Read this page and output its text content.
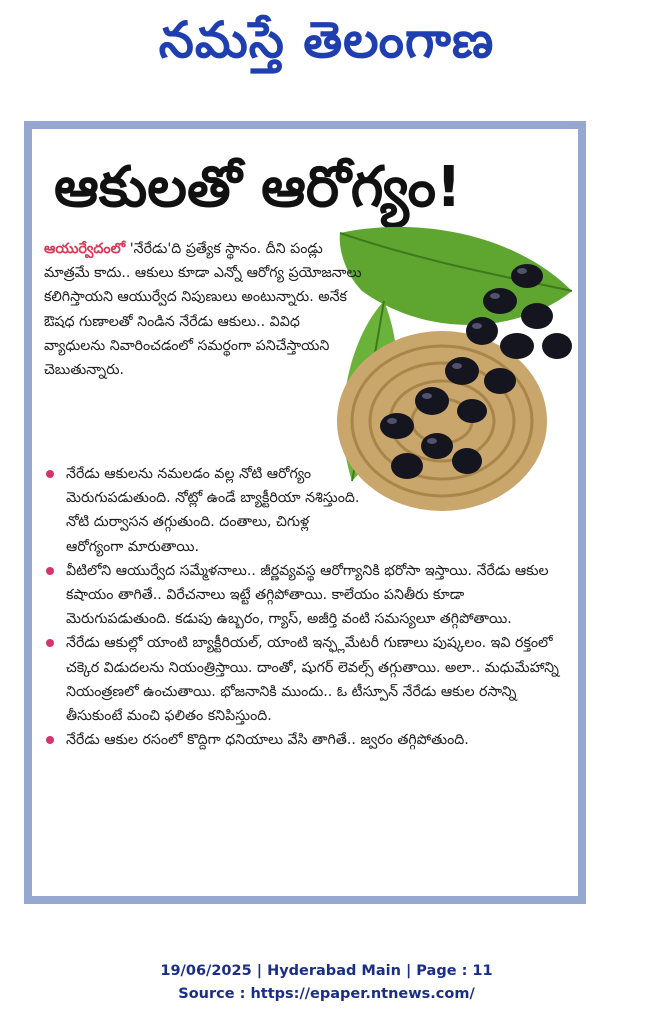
నమస్తే తెలంగాణ
ఆకులతో ఆరోగ్యం!
ఆయుర్వేదంలో 'నేరేడు'ది ప్రత్యేక స్థానం. దీని పండ్లు మాత్రమే కాదు.. ఆకులు కూడా ఎన్నో ఆరోగ్య ప్రయోజనాలు కలిగిస్తాయని ఆయుర్వేద నిపుణులు అంటున్నారు. అనేక ఔషధ గుణాలతో నిండిన నేరేడు ఆకులు.. వివిధ వ్యాధులను నివారించడంలో సమర్థంగా పనిచేస్తాయని చెబుతున్నారు.
నేరేడు ఆకులను నమలడం వల్ల నోటి ఆరోగ్యం మెరుగుపడుతుంది. నోట్లో ఉండే బ్యాక్టీరియా నశిస్తుంది. నోటి దుర్వాసన తగ్గుతుంది. దంతాలు, చిగుళ్ల ఆరోగ్యంగా మారుతాయి.
వీటిలోని ఆయుర్వేద సమ్మేళనాలు.. జీర్ణవ్యవస్థ ఆరోగ్యానికి భరోసా ఇస్తాయి. నేరేడు ఆకుల కషాయం తాగితే.. విరేచనాలు ఇట్టే తగ్గిపోతాయి. కాలేయం పనితీరు కూడా మెరుగుపడుతుంది. కడుపు ఉబ్బరం, గ్యాస్, అజీర్తి వంటి సమస్యలూ తగ్గిపోతాయి.
నేరేడు ఆకుల్లో యాంటి బ్యాక్టీరియల్, యాంటి ఇన్ఫ్లమేటరీ గుణాలు పుష్కలం. ఇవి రక్తంలో చక్కెర విడుదలను నియంత్రిస్తాయి. దాంతో, షుగర్ లెవల్స్ తగ్గుతాయి. అలా.. మధుమేహాన్ని నియంత్రణలో ఉంచుతాయి. భోజనానికి ముందు.. ఓ టీస్పూన్ నేరేడు ఆకుల రసాన్ని తీసుకుంటే మంచి ఫలితం కనిపిస్తుంది.
నేరేడు ఆకుల రసంలో కొద్దిగా ధనియాలు వేసి తాగితే.. జ్వరం తగ్గిపోతుంది.
19/06/2025 | Hyderabad Main | Page : 11
Source : https://epaper.ntnews.com/
